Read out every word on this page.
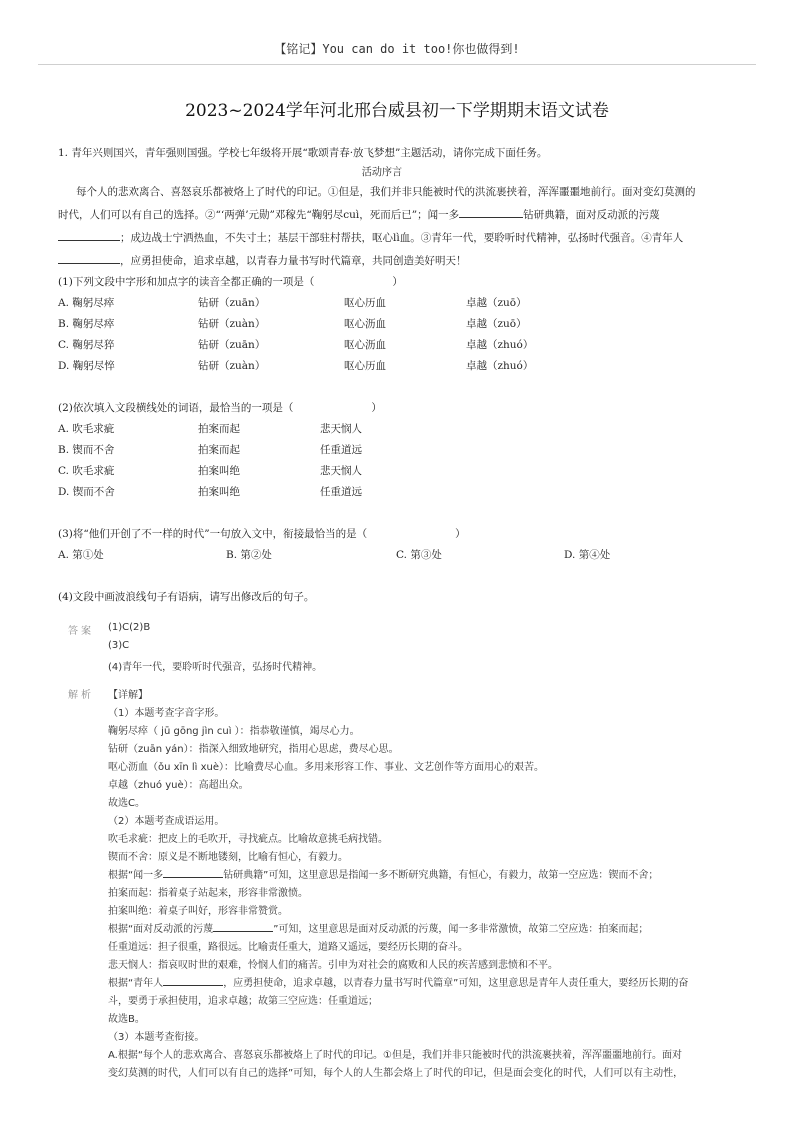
【铭记】You can do it too!你也做得到!
2023~2024学年河北邢台威县初一下学期期末语文试卷
1. 青年兴则国兴，青年强则国强。学校七年级将开展“歌颂青春·放飞梦想”主题活动，请你完成下面任务。
活动序言
每个人的悲欢离合、喜怒哀乐都被烙上了时代的印记。①但是，我们并非只能被时代的洪流裹挟着，浑浑噩噩地前行。面对变幻莫测的
时代，人们可以有自己的选择。②“‘两弹’元勋”邓稼先“鞠躬尽cuì，死而后已”；闻一多	钻研典籍，面对反动派的污蔑
；成边战士宁洒热血，不失寸土；基层干部驻村帮扶，呕心lì血。③青年一代，要聆听时代精神，弘扬时代强音。④青年人
，应勇担使命，追求卓越，以青春力量书写时代篇章，共同创造美好明天！
(1)下列文段中字形和加点字的读音全都正确的一项是（	）
A. 鞠躬尽瘁	钻研（zuān）	呕心历血	卓越（zuō）
B. 鞠躬尽瘁	钻研（zuàn）	呕心沥血	卓越（zuō）
C. 鞠躬尽猝	钻研（zuān）	呕心沥血	卓越（zhuó）
D. 鞠躬尽悴	钻研（zuàn）	呕心历血	卓越（zhuó）
(2)依次填入文段横线处的词语，最恰当的一项是（	）
A. 吹毛求疵	拍案而起	悲天悯人
B. 锲而不舍	拍案而起	任重道远
C. 吹毛求疵	拍案叫绝	悲天悯人
D. 锲而不舍	拍案叫绝	任重道远
(3)将“他们开创了不一样的时代”一句放入文中，衔接最恰当的是（	）
A. 第①处	B. 第②处	C. 第③处	D. 第④处
(4)文段中画波浪线句子有语病，请写出修改后的句子。
答案 (1)C(2)B
(3)C
(4)青年一代，要聆听时代强音，弘扬时代精神。
解析 【详解】
（1）本题考查字音字形。
鞠躬尽瘁（ jū gōng jìn cuì ）：指恭敬谨慎，竭尽心力。
钻研（zuān yán）：指深入细致地研究，指用心思虑，费尽心思。
呕心沥血（ǒu xīn lì xuè）：比喻费尽心血。多用来形容工作、事业、文艺创作等方面用心的艰苦。
卓越（zhuó yuè）：高超出众。
故选C。
（2）本题考查成语运用。
吹毛求疵：把皮上的毛吹开，寻找疵点。比喻故意挑毛病找错。
锲而不舍：原义是不断地镂刻，比喻有恒心，有毅力。
根据“闻一多	钻研典籍”可知，这里意思是指闻一多不断研究典籍，有恒心，有毅力，故第一空应选：锲而不舍；
拍案而起：指着桌子站起来，形容非常激愤。
拍案叫绝：着桌子叫好，形容非常赞赏。
根据“面对反动派的污蔑	”可知，这里意思是面对反动派的污蔑，闻一多非常激愤，故第二空应选：拍案而起；
任重道远：担子很重，路很远。比喻责任重大，道路又遥远，要经历长期的奋斗。
悲天悯人：指哀叹时世的艰难，怜悯人们的痛苦。引申为对社会的腐败和人民的疾苦感到悲愤和不平。
根据“青年人	，应勇担使命，追求卓越，以青春力量书写时代篇章”可知，这里意思是青年人责任重大，要经历长期的奋
斗，要勇于承担使用，追求卓越；故第三空应选：任重道远；
故选B。
（3）本题考查衔接。
A.根据“每个人的悲欢离合、喜怒哀乐都被烙上了时代的印记。①但是，我们并非只能被时代的洪流裹挟着，浑浑噩噩地前行。面对
变幻莫测的时代，人们可以有自己的选择”可知，每个人的人生都会烙上了时代的印记，但是面会变化的时代，人们可以有主动性，
